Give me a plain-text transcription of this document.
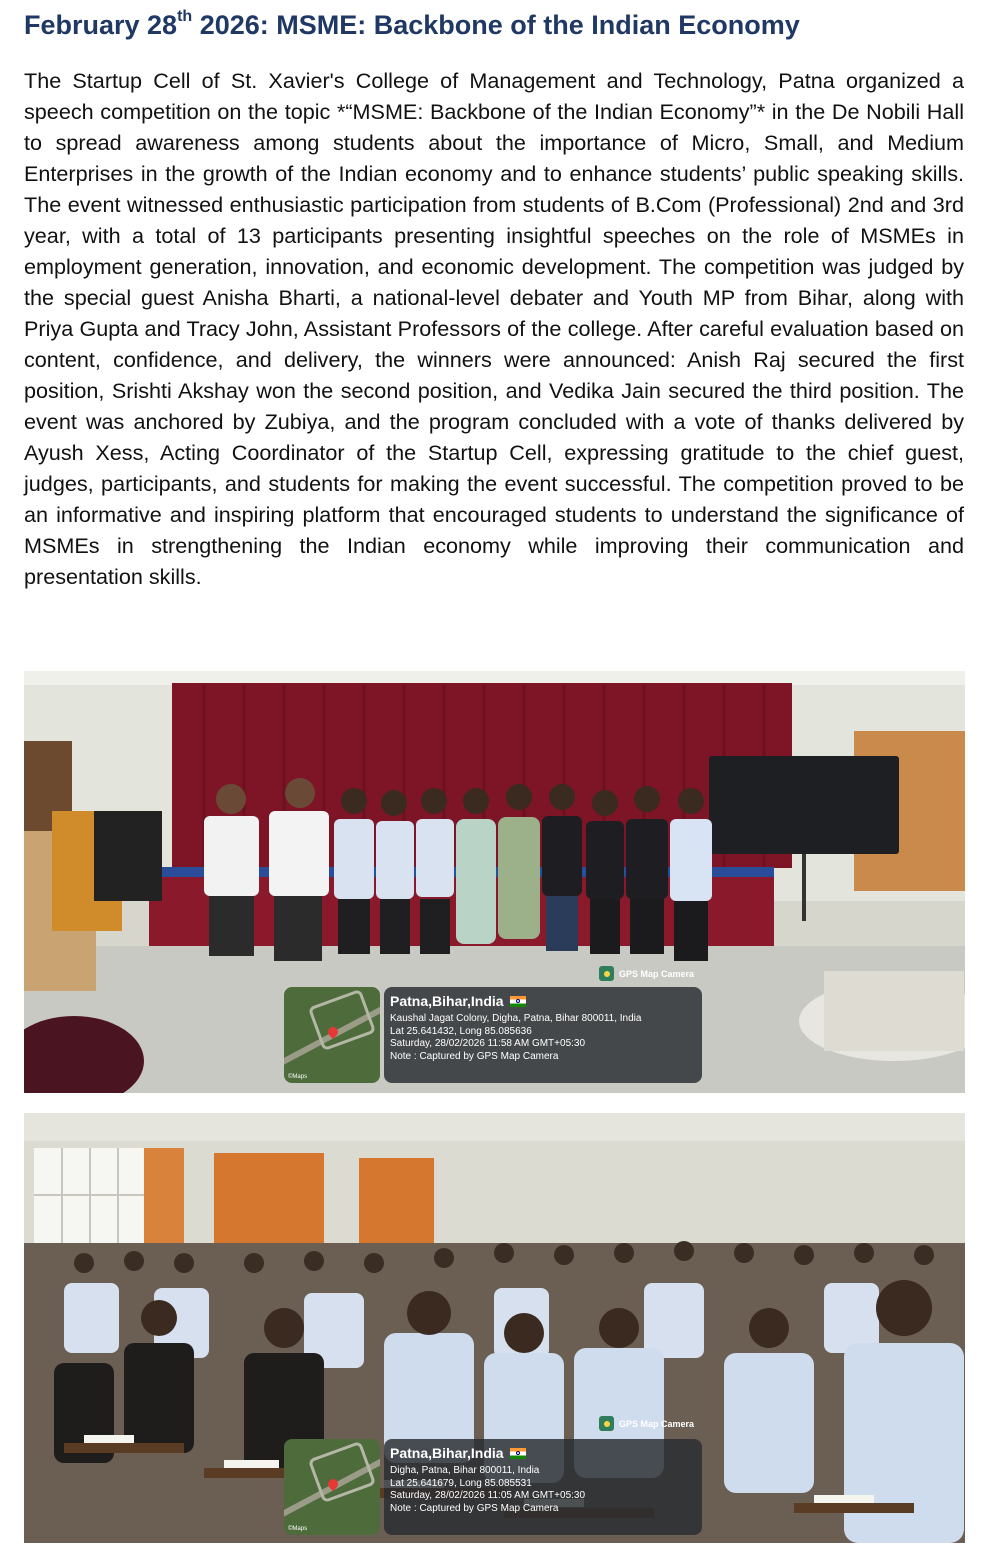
February 28th 2026: MSME: Backbone of the Indian Economy

The Startup Cell of St. Xavier's College of Management and Technology, Patna organized a speech competition on the topic *“MSME: Backbone of the Indian Economy”* in the De Nobili Hall to spread awareness among students about the importance of Micro, Small, and Medium Enterprises in the growth of the Indian economy and to enhance students’ public speaking skills. The event witnessed enthusiastic participation from students of B.Com (Professional) 2nd and 3rd year, with a total of 13 participants presenting insightful speeches on the role of MSMEs in employment generation, innovation, and economic development. The competition was judged by the special guest Anisha Bharti, a national-level debater and Youth MP from Bihar, along with Priya Gupta and Tracy John, Assistant Professors of the college. After careful evaluation based on content, confidence, and delivery, the winners were announced: Anish Raj secured the first position, Srishti Akshay won the second position, and Vedika Jain secured the third position. The event was anchored by Zubiya, and the program concluded with a vote of thanks delivered by Ayush Xess, Acting Coordinator of the Startup Cell, expressing gratitude to the chief guest, judges, participants, and students for making the event successful. The competition proved to be an informative and inspiring platform that encouraged students to understand the significance of MSMEs in strengthening the Indian economy while improving their communication and presentation skills.

GPS Map Camera
©Maps
Patna,Bihar,India
Kaushal Jagat Colony, Digha, Patna, Bihar 800011, India
Lat 25.641432, Long 85.085636
Saturday, 28/02/2026 11:58 AM GMT+05:30
Note : Captured by GPS Map Camera
GPS Map Camera
©Maps
Patna,Bihar,India
Digha, Patna, Bihar 800011, India
Lat 25.641679, Long 85.085531
Saturday, 28/02/2026 11:05 AM GMT+05:30
Note : Captured by GPS Map Camera
